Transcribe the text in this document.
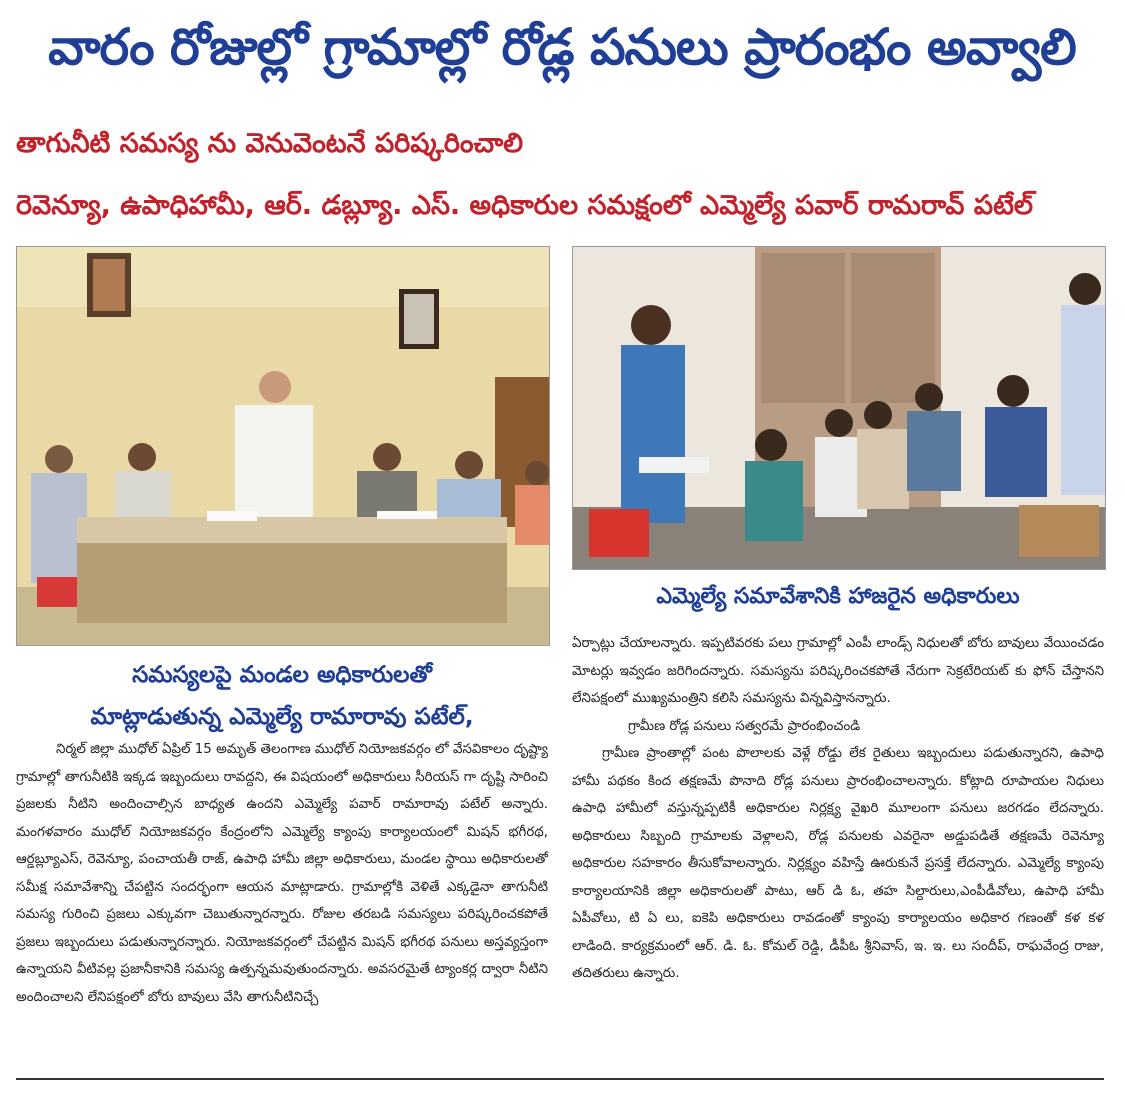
వారం రోజుల్లో గ్రామాల్లో రోడ్ల పనులు ప్రారంభం అవ్వాలి
తాగునీటి సమస్య ను వెనువెంటనే పరిష్కరించాలి
రెవెన్యూ, ఉపాధిహామీ, ఆర్. డబ్ల్యూ. ఎస్. అధికారుల సమక్షంలో ఎమ్మెల్యే పవార్ రామరావ్ పటేల్
ఎమ్మెల్యే సమావేశానికి హాజరైన అధికారులు
సమస్యలపై మండల అధికారులతో
మాట్లాడుతున్న ఎమ్మెల్యే రామారావు పటేల్,

నిర్మల్ జిల్లా ముధోల్ ఏప్రిల్ 15 అమృత్ తెలంగాణ ముధోల్ నియోజకవర్గం లో వేసవికాలం దృష్ట్యా గ్రామాల్లో తాగునీటికి ఇక్కడ ఇబ్బందులు రావద్దని, ఈ విషయంలో అధికారులు సీరియస్ గా దృష్టి సారించి ప్రజలకు నీటిని అందించాల్సిన బాధ్యత ఉందని ఎమ్మెల్యే పవార్ రామారావు పటేల్ అన్నారు. మంగళవారం ముధోల్ నియోజకవర్గం కేంద్రంలోని ఎమ్మెల్యే క్యాంపు కార్యాలయంలో మిషన్ భగీరథ, ఆర్డబ్ల్యూఎస్, రెవెన్యూ, పంచాయతీ రాజ్, ఉపాధి హామీ జిల్లా అధికారులు, మండల స్థాయి అధికారులతో సమీక్ష సమావేశాన్ని చేపట్టిన సందర్భంగా ఆయన మాట్లాడారు. గ్రామాల్లోకి వెళితే ఎక్కడైనా తాగునీటి సమస్య గురించి ప్రజలు ఎక్కువగా చెబుతున్నారన్నారు. రోజుల తరబడి సమస్యలు పరిష్కరించకపోతే ప్రజలు ఇబ్బందులు పడుతున్నారన్నారు. నియోజకవర్గంలో చేపట్టిన మిషన్ భగీరథ పనులు అస్తవ్యస్తంగా ఉన్నాయని వీటివల్ల ప్రజానీకానికి సమస్య ఉత్పన్నమవుతుందన్నారు. అవసరమైతే ట్యాంకర్ల ద్వారా నీటిని అందించాలని లేనిపక్షంలో బోరు బావులు వేసి తాగునీటినిచ్చే

ఏర్పాట్లు చేయాలన్నారు. ఇప్పటివరకు పలు గ్రామాల్లో ఎంపీ లాండ్స్ నిధులతో బోరు బావులు వేయించడం మోటర్లు ఇవ్వడం జరిగిందన్నారు. సమస్యను పరిష్కరించకపోతే నేరుగా సెక్రటేరియట్ కు ఫోన్ చేస్తానని లేనిపక్షంలో ముఖ్యమంత్రిని కలిసి సమస్యను విన్నవిస్తానన్నారు.

గ్రామీణ రోడ్ల పనులు సత్వరమే ప్రారంభించండి

గ్రామీణ ప్రాంతాల్లో పంట పొలాలకు వెళ్లే రోడ్డు లేక రైతులు ఇబ్బందులు పడుతున్నారని, ఉపాధి హామీ పథకం కింద తక్షణమే పొనాది రోడ్ల పనులు ప్రారంభించాలన్నారు. కోట్లాది రూపాయల నిధులు ఉపాధి హామీలో వస్తున్నప్పటికీ అధికారుల నిర్లక్ష్య వైఖరి మూలంగా పనులు జరగడం లేదన్నారు. అధికారులు సిబ్బంది గ్రామాలకు వెళ్లాలని, రోడ్ల పనులకు ఎవరైనా అడ్డుపడితే తక్షణమే రెవెన్యూ అధికారుల సహకారం తీసుకోవాలన్నారు. నిర్లక్ష్యం వహిస్తే ఊరుకునే ప్రసక్తే లేదన్నారు. ఎమ్మెల్యే క్యాంపు కార్యాలయానికి జిల్లా అధికారులతో పాటు, ఆర్ డి ఓ, తహ సిల్దారులు,ఎంపీడీవోలు, ఉపాధి హామీ ఏపీవోలు, టి ఏ లు, ఐకెపి అధికారులు రావడంతో క్యాంపు కార్యాలయం అధికార గణంతో కళ కళ లాడింది. కార్యక్రమంలో ఆర్. డి. ఓ. కోమల్ రెడ్డి, డీపీఓ శ్రీనివాస్, ఇ. ఇ. లు సందీప్, రాఘవేంద్ర రాజు, తదితరులు ఉన్నారు.
